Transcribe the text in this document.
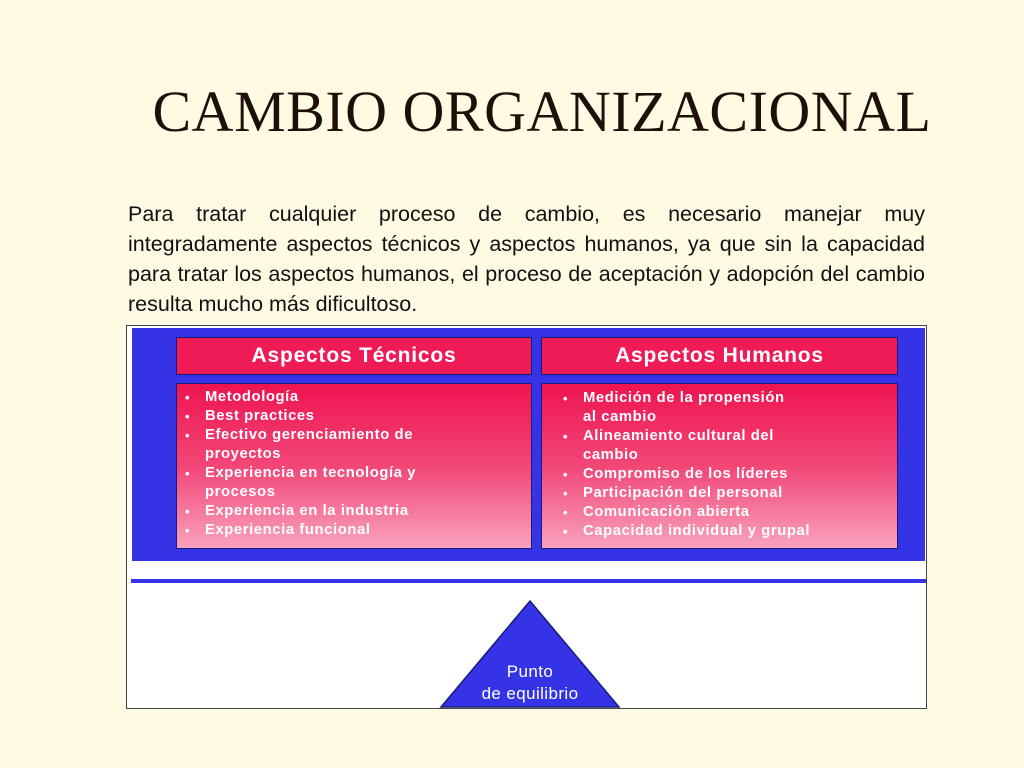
CAMBIO ORGANIZACIONAL

Para tratar cualquier proceso de cambio, es necesario manejar muy integradamente aspectos técnicos y aspectos humanos, ya que sin la capacidad para tratar los aspectos humanos, el proceso de aceptación y adopción del cambio resulta mucho más dificultoso.

Aspectos Técnicos	Aspectos Humanos
• Metodología
• Best practices
• Efectivo gerenciamiento de
proyectos
• Experiencia en tecnología y
procesos
• Experiencia en la industria
• Experiencia funcional
• Medición de la propensión
al cambio
• Alineamiento cultural del
cambio
• Compromiso de los líderes
• Participación del personal
• Comunicación abierta
• Capacidad individual y grupal
Punto
de equilibrio
